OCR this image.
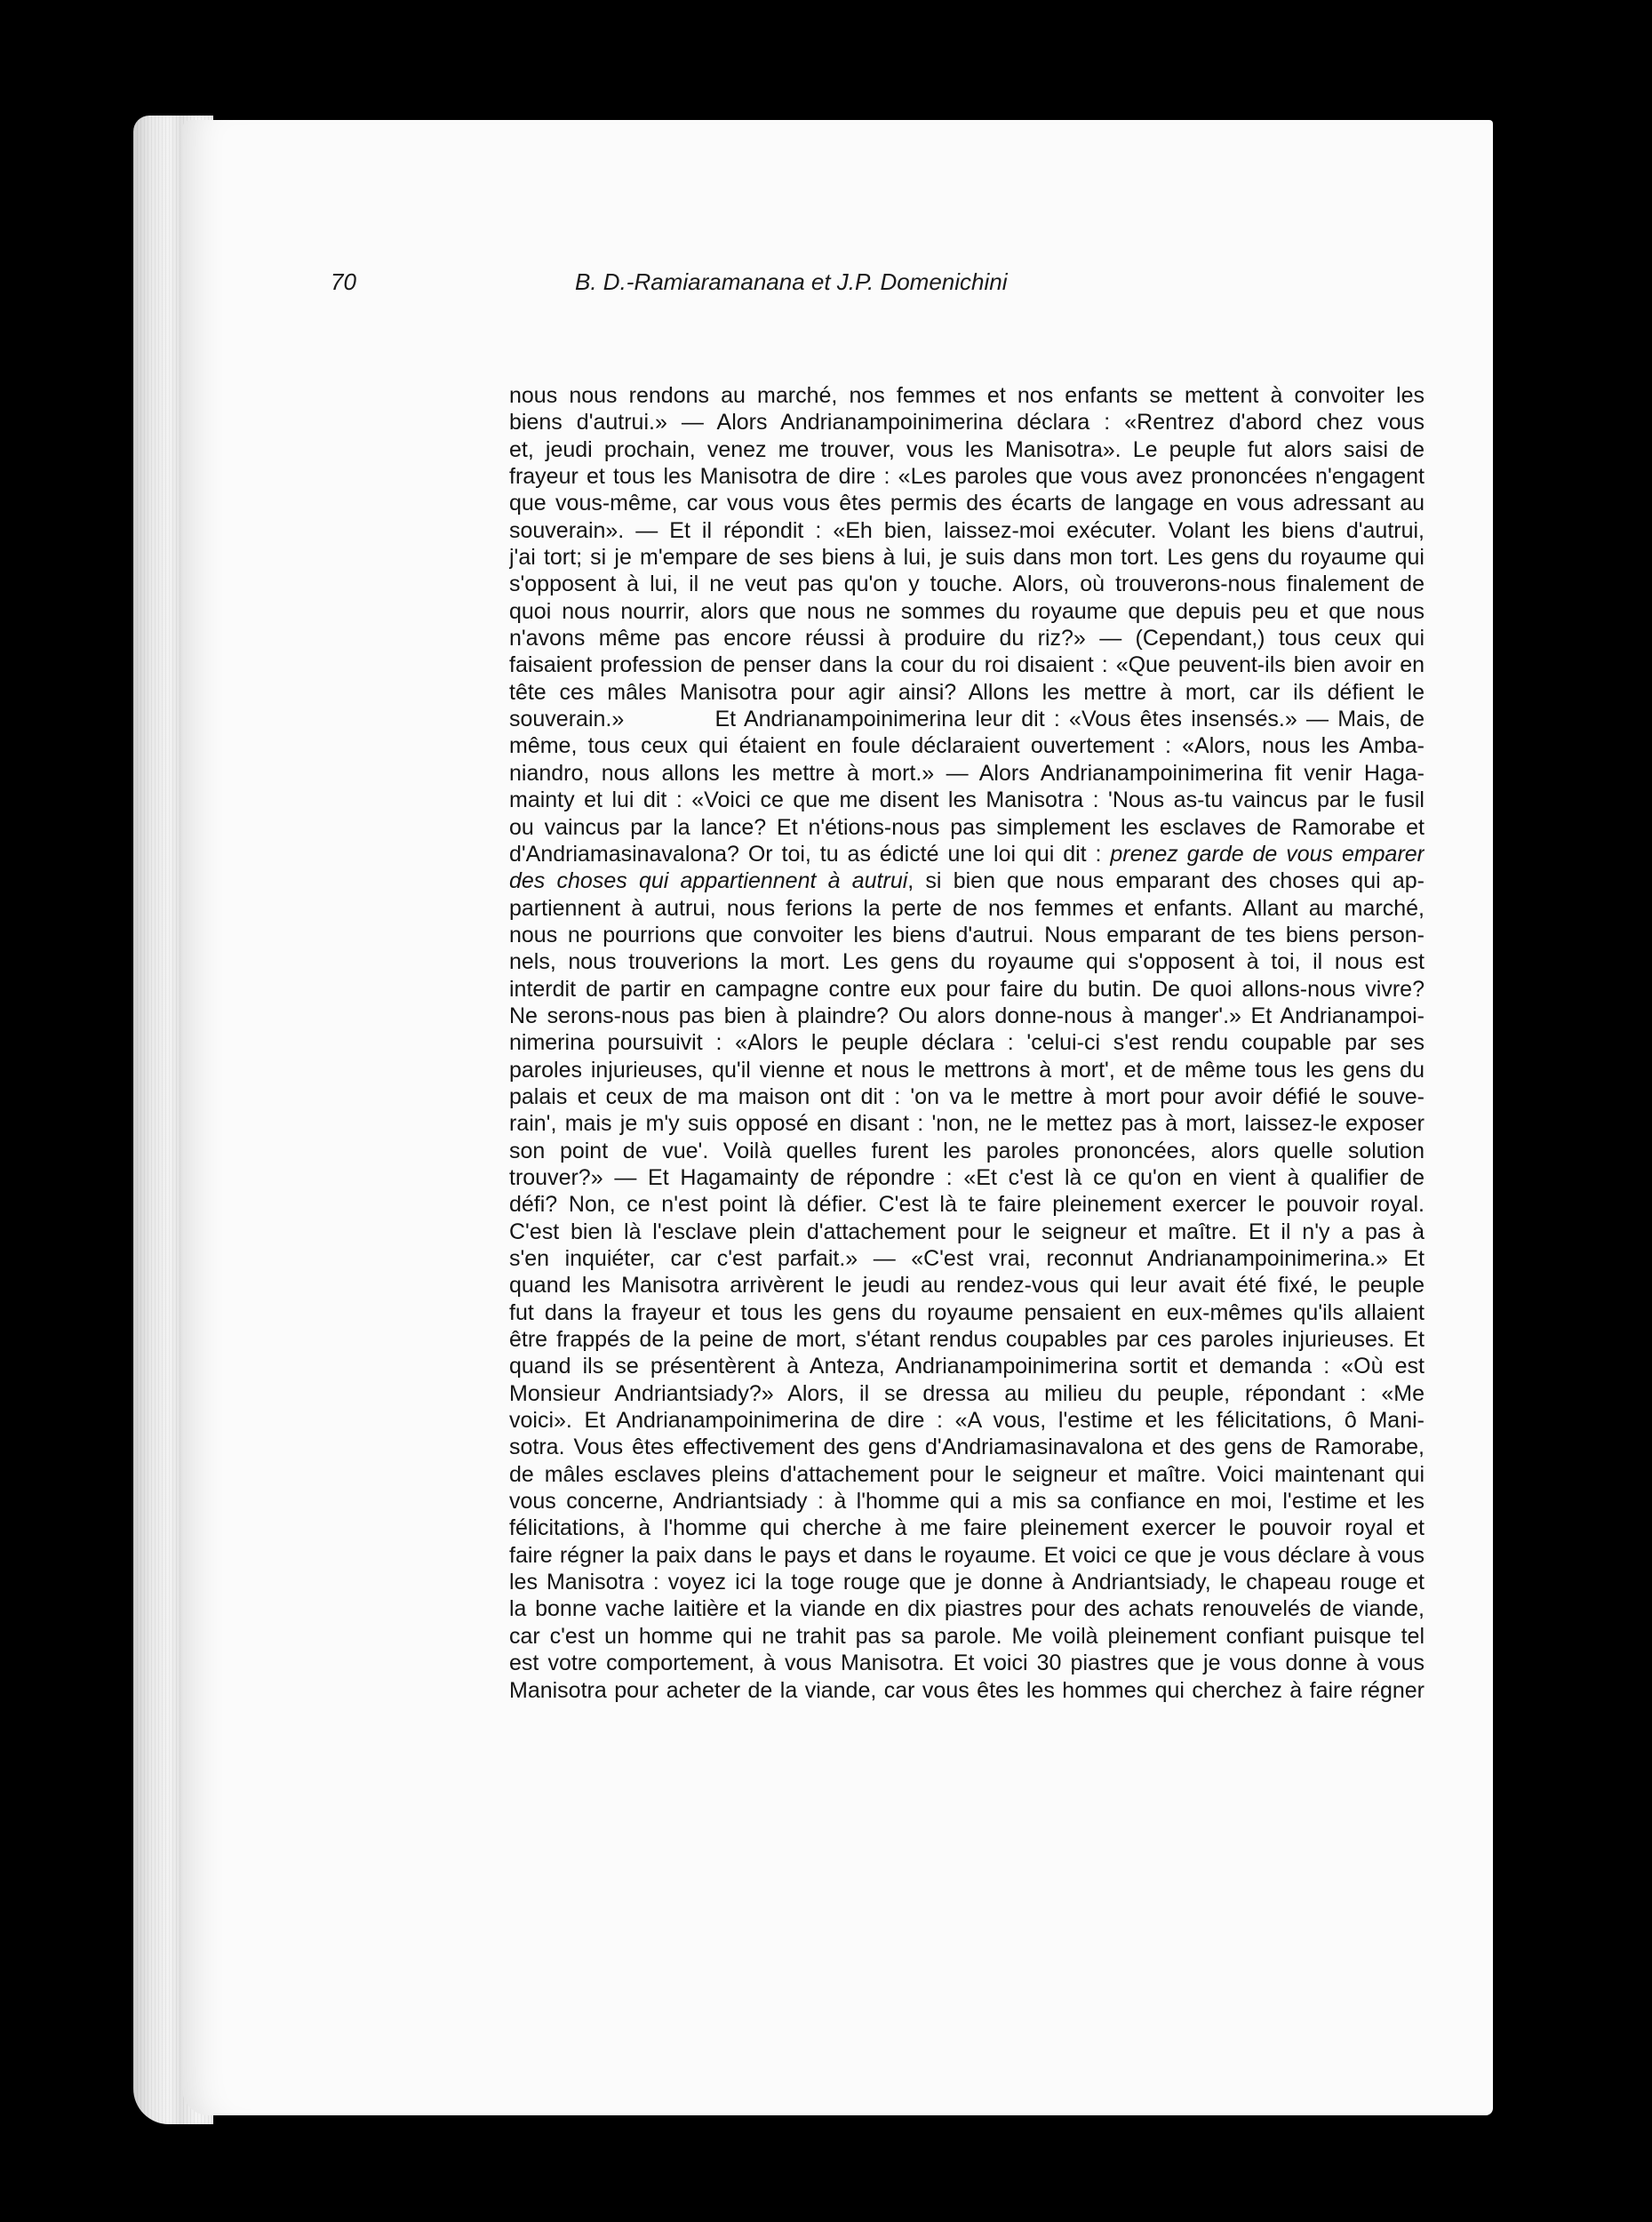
70	B. D.-Ramiaramanana et J.P. Domenichini
nous nous rendons au marché, nos femmes et nos enfants se mettent à convoiter les
biens d'autrui.» — Alors Andrianampoinimerina déclara : «Rentrez d'abord chez vous
et, jeudi prochain, venez me trouver, vous les Manisotra». Le peuple fut alors saisi de
frayeur et tous les Manisotra de dire : «Les paroles que vous avez prononcées n'engagent
que vous-même, car vous vous êtes permis des écarts de langage en vous adressant au
souverain». — Et il répondit : «Eh bien, laissez-moi exécuter. Volant les biens d'autrui,
j'ai tort; si je m'empare de ses biens à lui, je suis dans mon tort. Les gens du royaume qui
s'opposent à lui, il ne veut pas qu'on y touche. Alors, où trouverons-nous finalement de
quoi nous nourrir, alors que nous ne sommes du royaume que depuis peu et que nous
n'avons même pas encore réussi à produire du riz?» — (Cependant,) tous ceux qui
faisaient profession de penser dans la cour du roi disaient : «Que peuvent-ils bien avoir en
tête ces mâles Manisotra pour agir ainsi? Allons les mettre à mort, car ils défient le
souverain.»          Et Andrianampoinimerina leur dit : «Vous êtes insensés.» — Mais, de
même, tous ceux qui étaient en foule déclaraient ouvertement : «Alors, nous les Amba-
niandro, nous allons les mettre à mort.» — Alors Andrianampoinimerina fit venir Haga-
mainty et lui dit : «Voici ce que me disent les Manisotra : 'Nous as-tu vaincus par le fusil
ou vaincus par la lance? Et n'étions-nous pas simplement les esclaves de Ramorabe et
d'Andriamasinavalona? Or toi, tu as édicté une loi qui dit : prenez garde de vous emparer
des choses qui appartiennent à autrui, si bien que nous emparant des choses qui ap-
partiennent à autrui, nous ferions la perte de nos femmes et enfants. Allant au marché,
nous ne pourrions que convoiter les biens d'autrui. Nous emparant de tes biens person-
nels, nous trouverions la mort. Les gens du royaume qui s'opposent à toi, il nous est
interdit de partir en campagne contre eux pour faire du butin. De quoi allons-nous vivre?
Ne serons-nous pas bien à plaindre? Ou alors donne-nous à manger'.» Et Andrianampoi-
nimerina poursuivit : «Alors le peuple déclara : 'celui-ci s'est rendu coupable par ses
paroles injurieuses, qu'il vienne et nous le mettrons à mort', et de même tous les gens du
palais et ceux de ma maison ont dit : 'on va le mettre à mort pour avoir défié le souve-
rain', mais je m'y suis opposé en disant : 'non, ne le mettez pas à mort, laissez-le exposer
son point de vue'. Voilà quelles furent les paroles prononcées, alors quelle solution
trouver?» — Et Hagamainty de répondre : «Et c'est là ce qu'on en vient à qualifier de
défi? Non, ce n'est point là défier. C'est là te faire pleinement exercer le pouvoir royal.
C'est bien là l'esclave plein d'attachement pour le seigneur et maître. Et il n'y a pas à
s'en inquiéter, car c'est parfait.» — «C'est vrai, reconnut Andrianampoinimerina.» Et
quand les Manisotra arrivèrent le jeudi au rendez-vous qui leur avait été fixé, le peuple
fut dans la frayeur et tous les gens du royaume pensaient en eux-mêmes qu'ils allaient
être frappés de la peine de mort, s'étant rendus coupables par ces paroles injurieuses. Et
quand ils se présentèrent à Anteza, Andrianampoinimerina sortit et demanda : «Où est
Monsieur Andriantsiady?» Alors, il se dressa au milieu du peuple, répondant : «Me
voici». Et Andrianampoinimerina de dire : «A vous, l'estime et les félicitations, ô Mani-
sotra. Vous êtes effectivement des gens d'Andriamasinavalona et des gens de Ramorabe,
de mâles esclaves pleins d'attachement pour le seigneur et maître. Voici maintenant qui
vous concerne, Andriantsiady : à l'homme qui a mis sa confiance en moi, l'estime et les
félicitations, à l'homme qui cherche à me faire pleinement exercer le pouvoir royal et
faire régner la paix dans le pays et dans le royaume. Et voici ce que je vous déclare à vous
les Manisotra : voyez ici la toge rouge que je donne à Andriantsiady, le chapeau rouge et
la bonne vache laitière et la viande en dix piastres pour des achats renouvelés de viande,
car c'est un homme qui ne trahit pas sa parole. Me voilà pleinement confiant puisque tel
est votre comportement, à vous Manisotra. Et voici 30 piastres que je vous donne à vous
Manisotra pour acheter de la viande, car vous êtes les hommes qui cherchez à faire régner
